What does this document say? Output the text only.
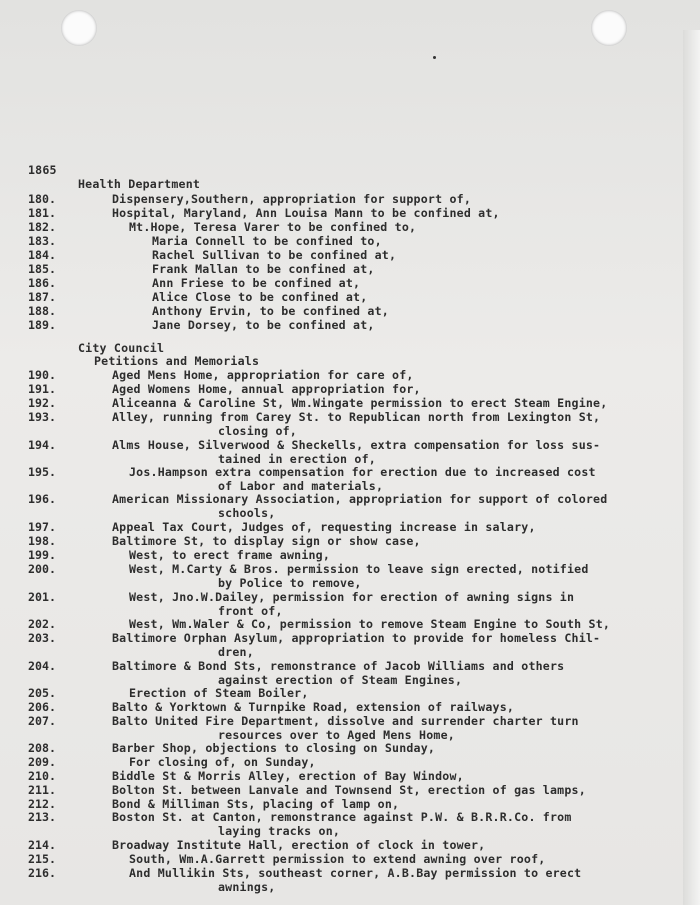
1865
Health Department
180.	Dispensery,Southern, appropriation for support of,
181.	Hospital, Maryland, Ann Louisa Mann to be confined at,
182.	Mt.Hope, Teresa Varer to be confined to,
183.	Maria Connell to be confined to,
184.	Rachel Sullivan to be confined at,
185.	Frank Mallan to be confined at,
186.	Ann Friese to be confined at,
187.	Alice Close to be confined at,
188.	Anthony Ervin, to be confined at,
189.	Jane Dorsey, to be confined at,
City Council
Petitions and Memorials
190.	Aged Mens Home, appropriation for care of,
191.	Aged Womens Home, annual appropriation for,
192.	Aliceanna & Caroline St, Wm.Wingate permission to erect Steam Engine,
193.	Alley, running from Carey St. to Republican north from Lexington St,
closing of,
194.	Alms House, Silverwood & Sheckells, extra compensation for loss sus-
tained in erection of,
195.	Jos.Hampson extra compensation for erection due to increased cost
of Labor and materials,
196.	American Missionary Association, appropriation for support of colored
schools,
197.	Appeal Tax Court, Judges of, requesting increase in salary,
198.	Baltimore St, to display sign or show case,
199.	West, to erect frame awning,
200.	West, M.Carty & Bros. permission to leave sign erected, notified
by Police to remove,
201.	West, Jno.W.Dailey, permission for erection of awning signs in
front of,
202.	West, Wm.Waler & Co, permission to remove Steam Engine to South St,
203.	Baltimore Orphan Asylum, appropriation to provide for homeless Chil-
dren,
204.	Baltimore & Bond Sts, remonstrance of Jacob Williams and others
against erection of Steam Engines,
205.	Erection of Steam Boiler,
206.	Balto & Yorktown & Turnpike Road, extension of railways,
207.	Balto United Fire Department, dissolve and surrender charter turn
resources over to Aged Mens Home,
208.	Barber Shop, objections to closing on Sunday,
209.	For closing of, on Sunday,
210.	Biddle St & Morris Alley, erection of Bay Window,
211.	Bolton St. between Lanvale and Townsend St, erection of gas lamps,
212.	Bond & Milliman Sts, placing of lamp on,
213.	Boston St. at Canton, remonstrance against P.W. & B.R.R.Co. from
laying tracks on,
214.	Broadway Institute Hall, erection of clock in tower,
215.	South, Wm.A.Garrett permission to extend awning over roof,
216.	And Mullikin Sts, southeast corner, A.B.Bay permission to erect
awnings,
